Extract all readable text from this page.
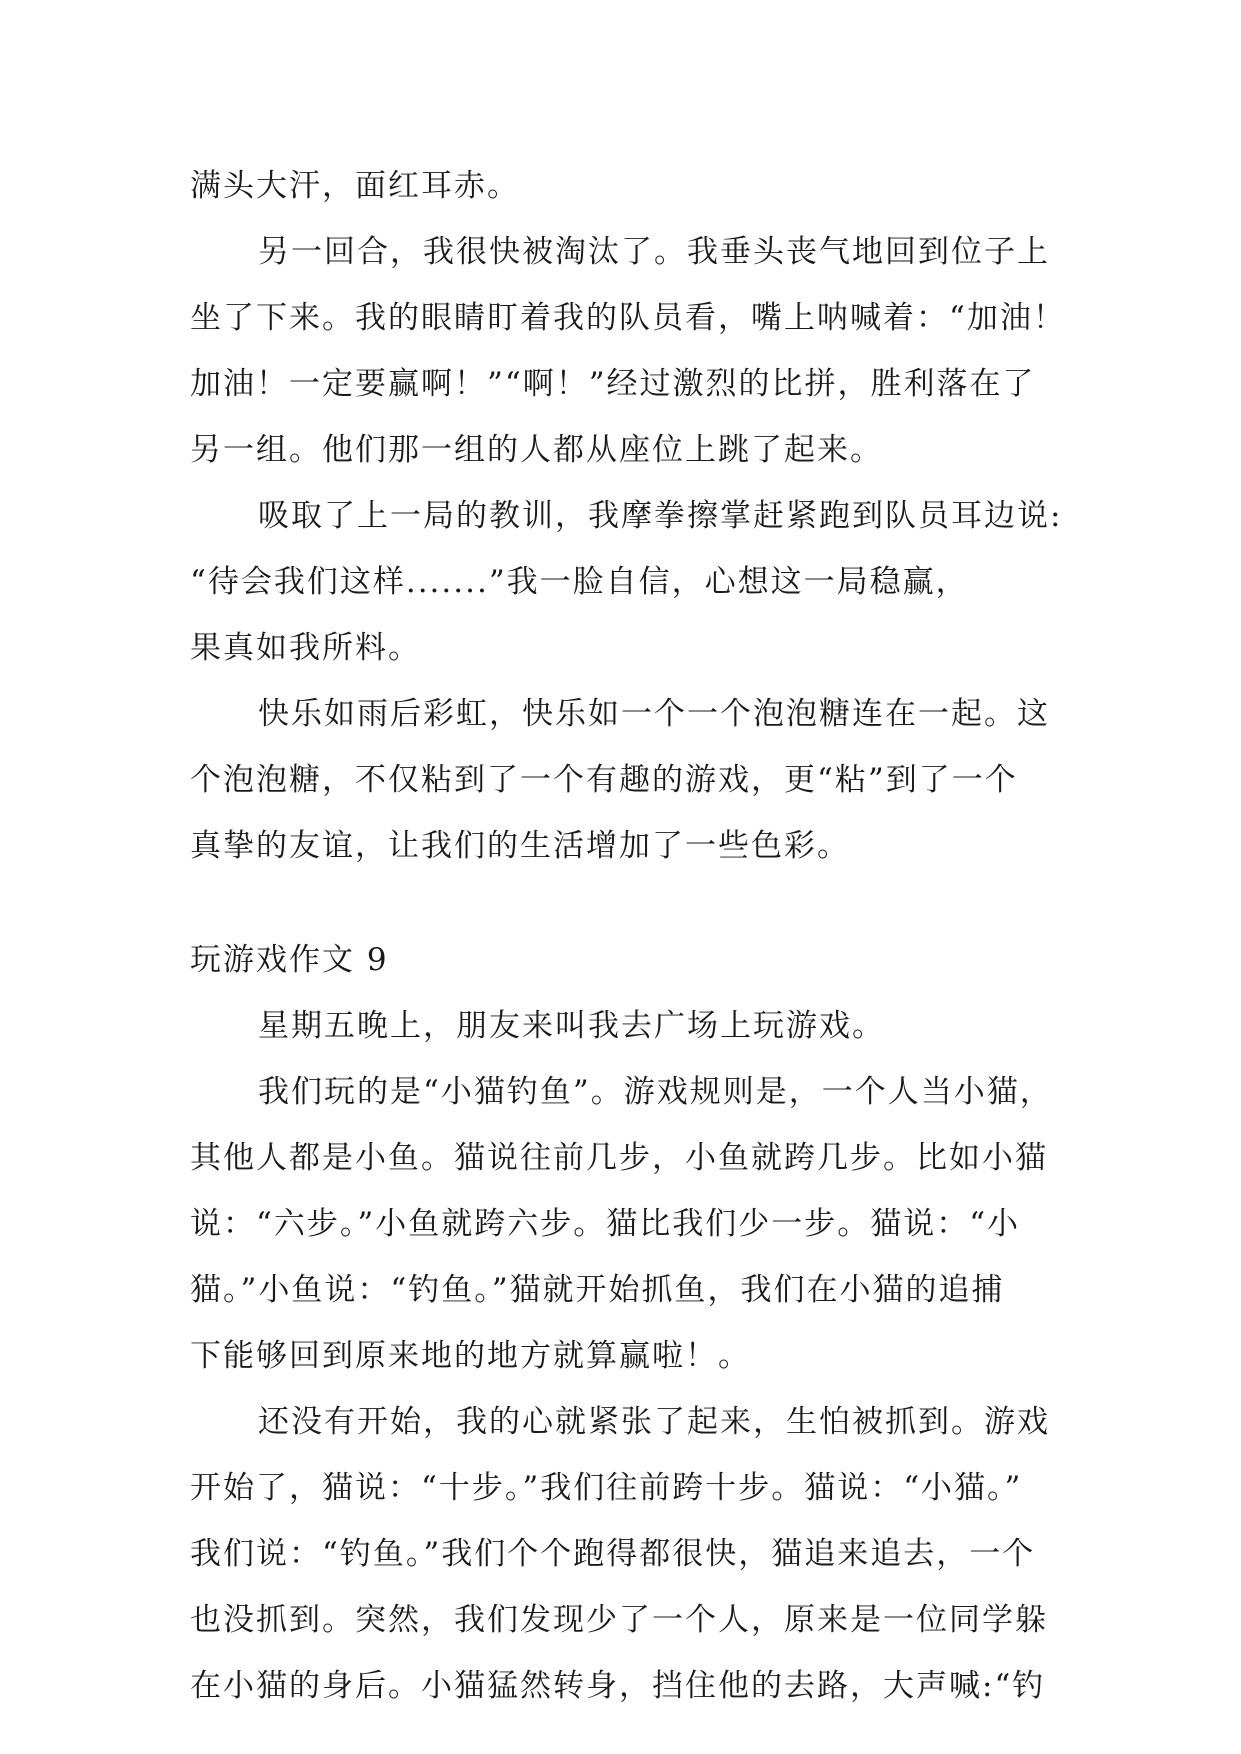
满头大汗，面红耳赤。
另一回合，我很快被淘汰了。我垂头丧气地回到位子上
坐了下来。我的眼睛盯着我的队员看，嘴上呐喊着：“加油！
加油！一定要赢啊！”“啊！”经过激烈的比拼，胜利落在了
另一组。他们那一组的人都从座位上跳了起来。
吸取了上一局的教训，我摩拳擦掌赶紧跑到队员耳边说:
“待会我们这样.......”我一脸自信，心想这一局稳赢，
果真如我所料。
快乐如雨后彩虹，快乐如一个一个泡泡糖连在一起。这
个泡泡糖，不仅粘到了一个有趣的游戏，更“粘”到了一个
真挚的友谊，让我们的生活增加了一些色彩。
玩游戏作文 9
星期五晚上，朋友来叫我去广场上玩游戏。
我们玩的是“小猫钓鱼”。游戏规则是，一个人当小猫，
其他人都是小鱼。猫说往前几步，小鱼就跨几步。比如小猫
说：“六步。”小鱼就跨六步。猫比我们少一步。猫说：“小
猫。”小鱼说：“钓鱼。”猫就开始抓鱼，我们在小猫的追捕
下能够回到原来地的地方就算赢啦！。
还没有开始，我的心就紧张了起来，生怕被抓到。游戏
开始了，猫说：“十步。”我们往前跨十步。猫说：“小猫。”
我们说：“钓鱼。”我们个个跑得都很快，猫追来追去，一个
也没抓到。突然，我们发现少了一个人，原来是一位同学躲
在小猫的身后。小猫猛然转身，挡住他的去路，大声喊:“钓
